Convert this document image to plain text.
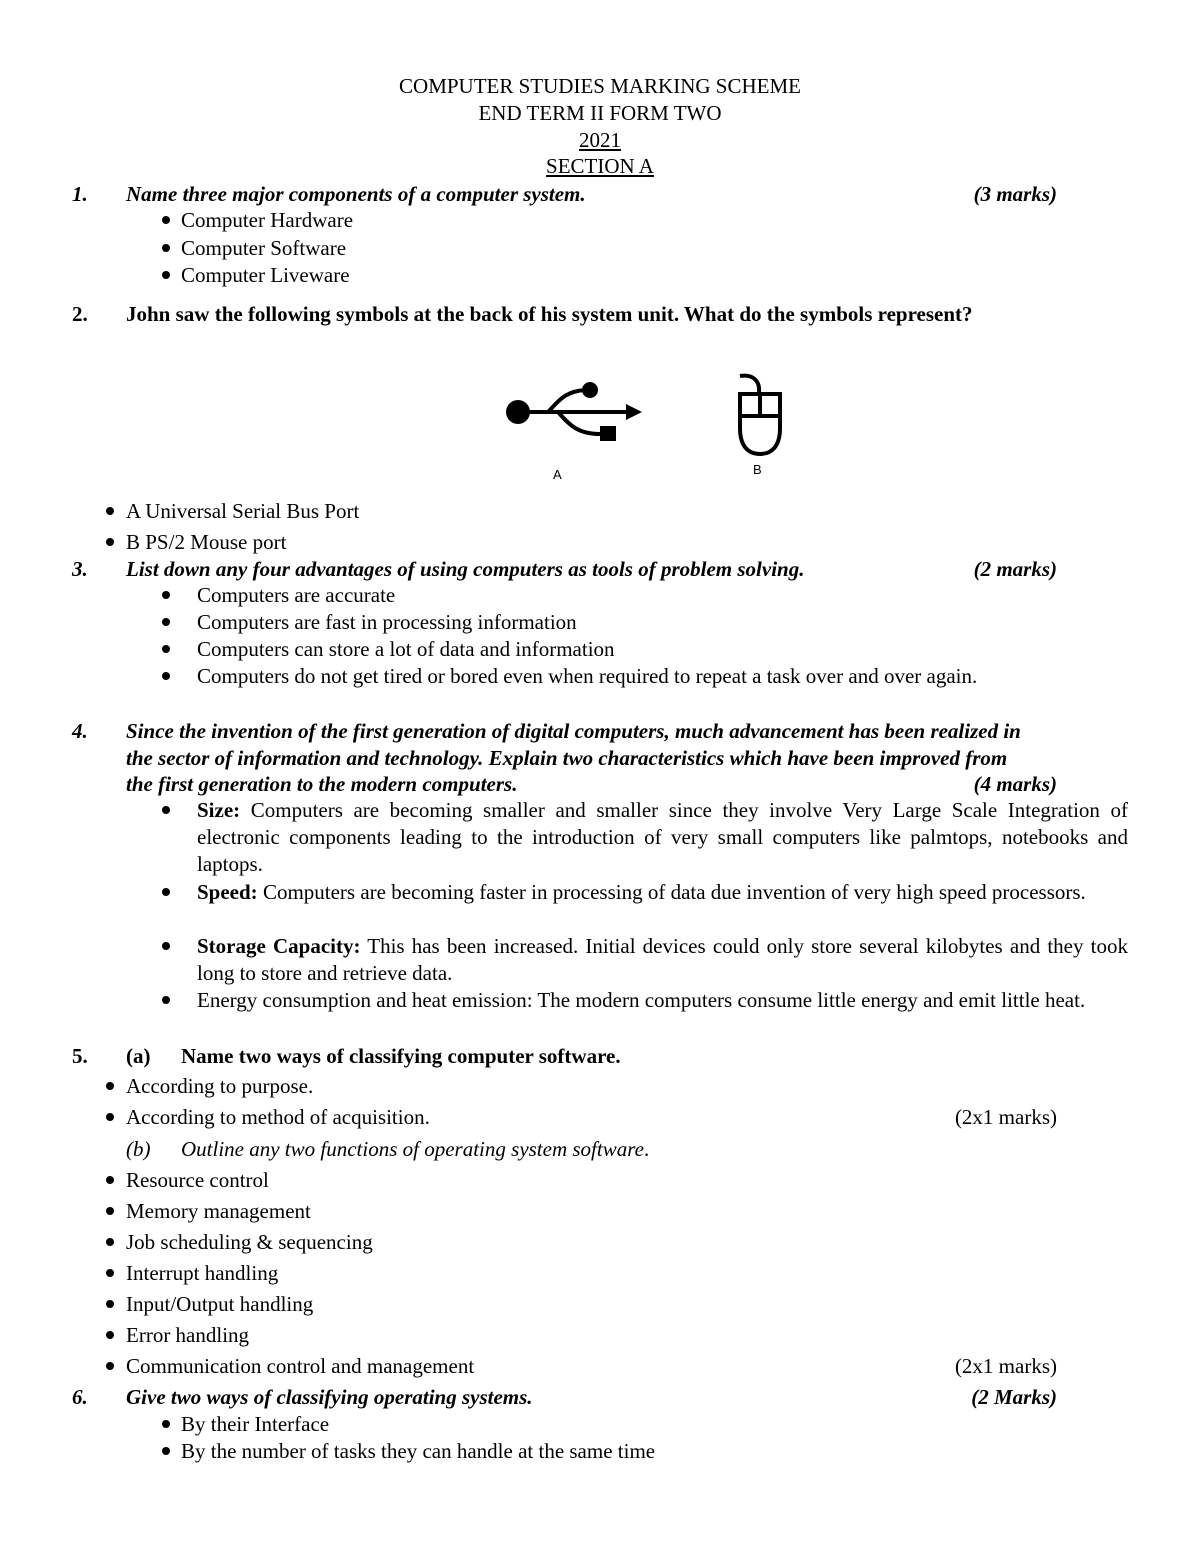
COMPUTER STUDIES MARKING SCHEME
END TERM II FORM TWO
2021
SECTION A
1. Name three major components of a computer system.	(3 marks)
Computer Hardware
Computer Software
Computer Liveware
2. John saw the following symbols at the back of his system unit. What do the symbols represent?
A	B
A Universal Serial Bus Port
B PS/2 Mouse port
3. List down any four advantages of using computers as tools of problem solving.	(2 marks)
Computers are accurate
Computers are fast in processing information
Computers can store a lot of data and information
Computers do not get tired or bored even when required to repeat a task over and over again.
4. Since the invention of the first generation of digital computers, much advancement has been realized in
the sector of information and technology. Explain two characteristics which have been improved from
the first generation to the modern computers.	(4 marks)
Size: Computers are becoming smaller and smaller since they involve Very Large Scale Integration of electronic components leading to the introduction of very small computers like palmtops, notebooks and laptops.
Speed: Computers are becoming faster in processing of data due invention of very high speed processors.
Storage Capacity: This has been increased. Initial devices could only store several kilobytes and they took long to store and retrieve data.
Energy consumption and heat emission: The modern computers consume little energy and emit little heat.
5. (a) Name two ways of classifying computer software.
According to purpose.
According to method of acquisition.	(2x1 marks)
(b) Outline any two functions of operating system software.
Resource control
Memory management
Job scheduling & sequencing
Interrupt handling
Input/Output handling
Error handling
Communication control and management	(2x1 marks)
6. Give two ways of classifying operating systems.	(2 Marks)
By their Interface
By the number of tasks they can handle at the same time
